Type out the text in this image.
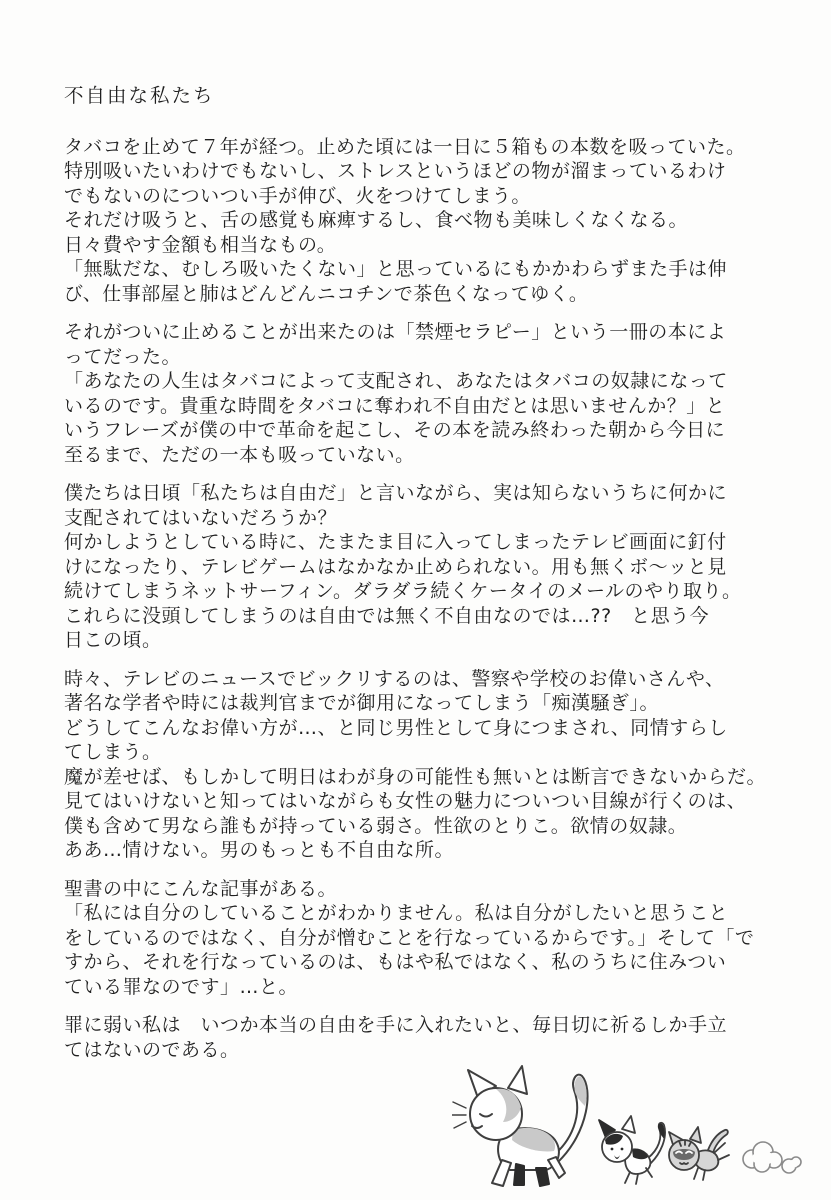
不自由な私たち

タバコを止めて７年が経つ。止めた頃には一日に５箱もの本数を吸っていた。
特別吸いたいわけでもないし、ストレスというほどの物が溜まっているわけ
でもないのについつい手が伸び、火をつけてしまう。
それだけ吸うと、舌の感覚も麻痺するし、食べ物も美味しくなくなる。
日々費やす金額も相当なもの。
「無駄だな、むしろ吸いたくない」と思っているにもかかわらずまた手は伸
び、仕事部屋と肺はどんどんニコチンで茶色くなってゆく。

それがついに止めることが出来たのは「禁煙セラピー」という一冊の本によ
ってだった。
「あなたの人生はタバコによって支配され、あなたはタバコの奴隷になって
いるのです。貴重な時間をタバコに奪われ不自由だとは思いませんか？」と
いうフレーズが僕の中で革命を起こし、その本を読み終わった朝から今日に
至るまで、ただの一本も吸っていない。

僕たちは日頃「私たちは自由だ」と言いながら、実は知らないうちに何かに
支配されてはいないだろうか？
何かしようとしている時に、たまたま目に入ってしまったテレビ画面に釘付
けになったり、テレビゲームはなかなか止められない。用も無くボ～ッと見
続けてしまうネットサーフィン。ダラダラ続くケータイのメールのやり取り。
これらに没頭してしまうのは自由では無く不自由なのでは…??　と思う今
日この頃。

時々、テレビのニュースでビックリするのは、警察や学校のお偉いさんや、
著名な学者や時には裁判官までが御用になってしまう「痴漢騒ぎ」。
どうしてこんなお偉い方が…、と同じ男性として身につまされ、同情すらし
てしまう。
魔が差せば、もしかして明日はわが身の可能性も無いとは断言できないからだ。
見てはいけないと知ってはいながらも女性の魅力についつい目線が行くのは、
僕も含めて男なら誰もが持っている弱さ。性欲のとりこ。欲情の奴隷。
ああ…情けない。男のもっとも不自由な所。

聖書の中にこんな記事がある。
「私には自分のしていることがわかりません。私は自分がしたいと思うこと
をしているのではなく、自分が憎むことを行なっているからです。」そして「で
すから、それを行なっているのは、もはや私ではなく、私のうちに住みつい
ている罪なのです」…と。

罪に弱い私は　いつか本当の自由を手に入れたいと、毎日切に祈るしか手立
てはないのである。
